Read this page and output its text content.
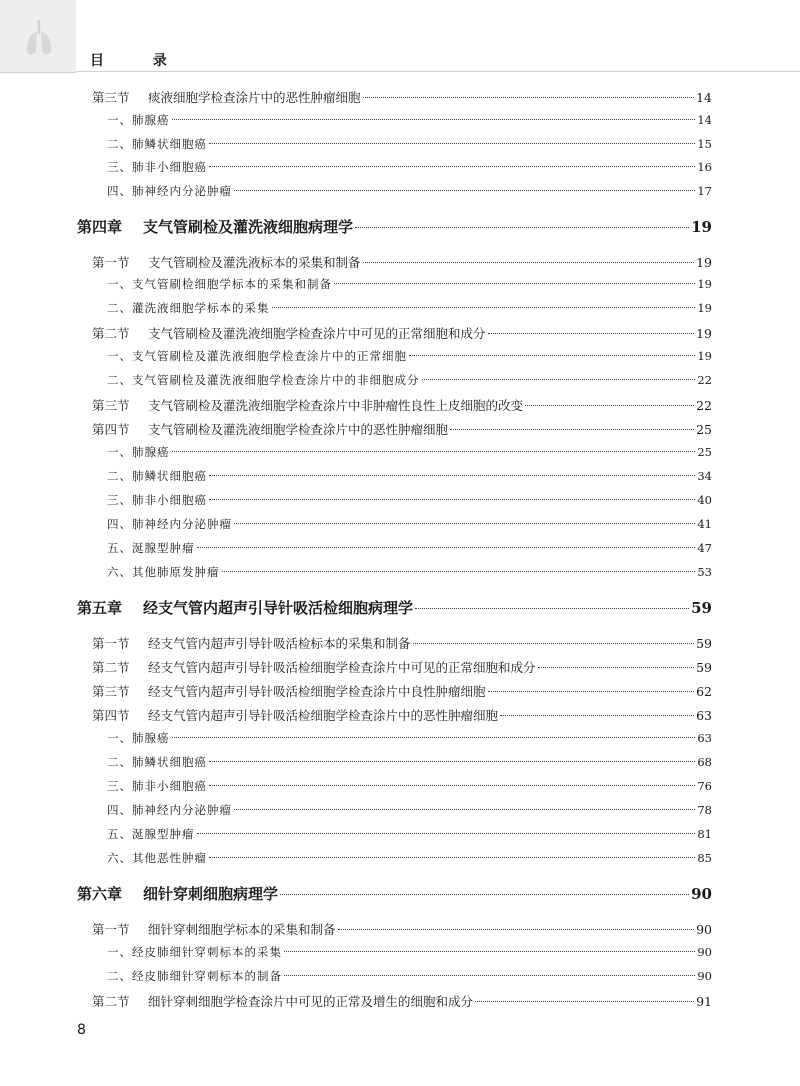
目 录
第三节	痰液细胞学检查涂片中的恶性肿瘤细胞	14
一、肺腺癌	14
二、肺鳞状细胞癌	15
三、肺非小细胞癌	16
四、肺神经内分泌肿瘤	17
第四章	支气管刷检及灌洗液细胞病理学	19
第一节	支气管刷检及灌洗液标本的采集和制备	19
一、支气管刷检细胞学标本的采集和制备	19
二、灌洗液细胞学标本的采集	19
第二节	支气管刷检及灌洗液细胞学检查涂片中可见的正常细胞和成分	19
一、支气管刷检及灌洗液细胞学检查涂片中的正常细胞	19
二、支气管刷检及灌洗液细胞学检查涂片中的非细胞成分	22
第三节	支气管刷检及灌洗液细胞学检查涂片中非肿瘤性良性上皮细胞的改变	22
第四节	支气管刷检及灌洗液细胞学检查涂片中的恶性肿瘤细胞	25
一、肺腺癌	25
二、肺鳞状细胞癌	34
三、肺非小细胞癌	40
四、肺神经内分泌肿瘤	41
五、涎腺型肿瘤	47
六、其他肺原发肿瘤	53
第五章	经支气管内超声引导针吸活检细胞病理学	59
第一节	经支气管内超声引导针吸活检标本的采集和制备	59
第二节	经支气管内超声引导针吸活检细胞学检查涂片中可见的正常细胞和成分	59
第三节	经支气管内超声引导针吸活检细胞学检查涂片中良性肿瘤细胞	62
第四节	经支气管内超声引导针吸活检细胞学检查涂片中的恶性肿瘤细胞	63
一、肺腺癌	63
二、肺鳞状细胞癌	68
三、肺非小细胞癌	76
四、肺神经内分泌肿瘤	78
五、涎腺型肿瘤	81
六、其他恶性肿瘤	85
第六章	细针穿刺细胞病理学	90
第一节	细针穿刺细胞学标本的采集和制备	90
一、经皮肺细针穿刺标本的采集	90
二、经皮肺细针穿刺标本的制备	90
第二节	细针穿刺细胞学检查涂片中可见的正常及增生的细胞和成分	91
8
